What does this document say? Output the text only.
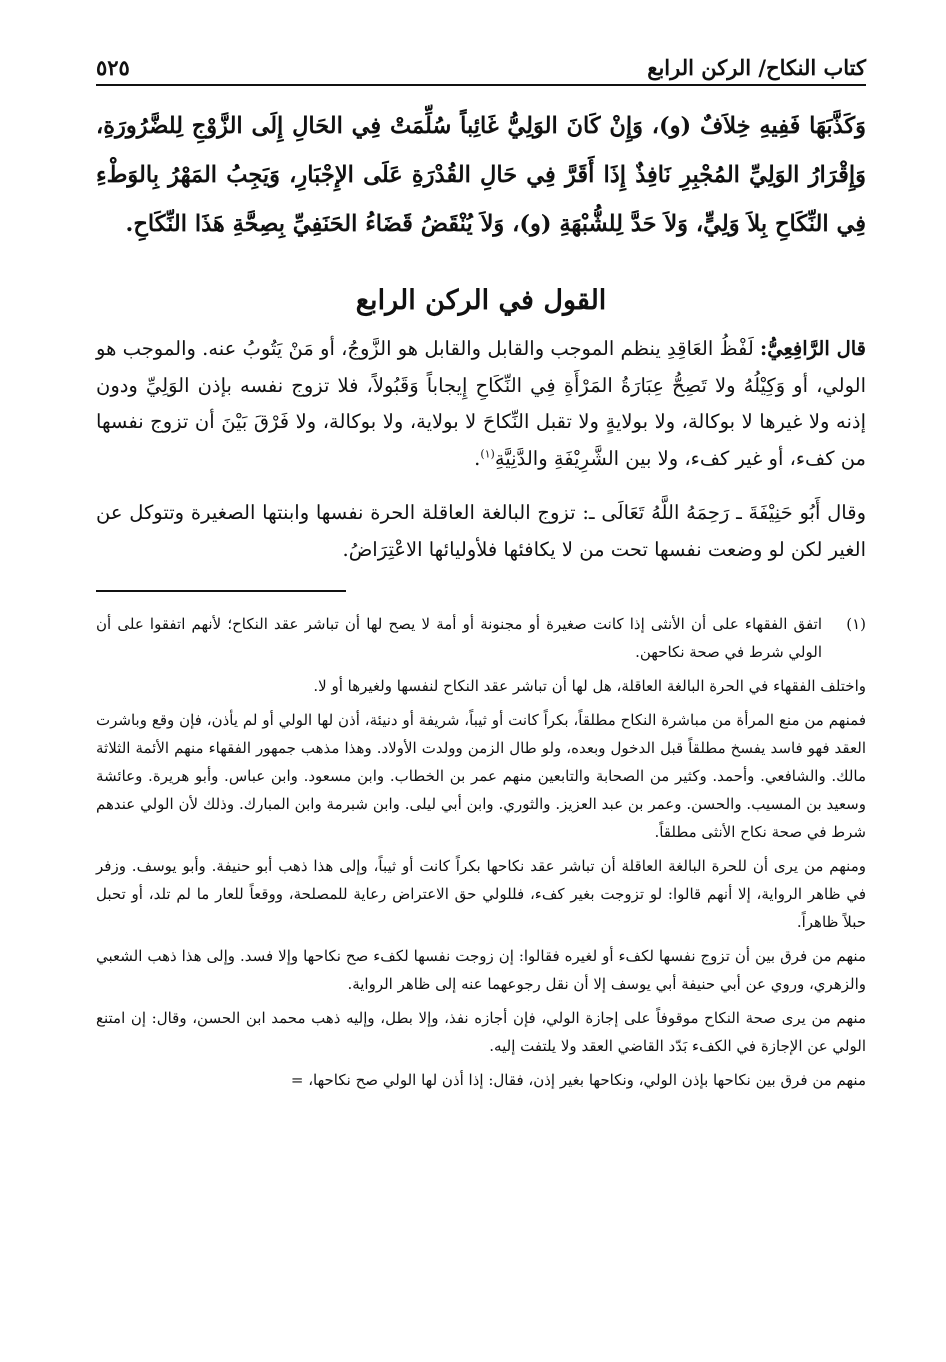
كتاب النكاح/ الركن الرابع
٥٢٥

وَكَذَّبَهَا فَفِيهِ خِلاَفٌ (و)، وَإِنْ كَانَ الوَلِيُّ غَائِباً سُلِّمَتْ فِي الحَالِ إِلَى الزَّوْجِ لِلضَّرُورَةِ، وَإِقْرَارُ الوَلِيِّ المُجْبِرِ نَافِذٌ إِذَا أَقَرَّ فِي حَالِ القُدْرَةِ عَلَى الإِجْبَارِ، وَيَجِبُ المَهْرُ بِالوَطْءِ فِي النِّكَاحِ بِلاَ وَلِيٍّ، وَلاَ حَدَّ لِلشُّبْهَةِ (و)، وَلاَ يُنْقَضُ قَضَاءُ الحَنَفِيِّ بِصِحَّةِ هَذَا النِّكَاحِ.

القول في الركن الرابع

قال الرَّافِعِيُّ: لَفْظُ العَاقِدِ ينظم الموجب والقابل والقابل هو الزَّوجُ، أو مَنْ يَتُوبُ عنه. والموجب هو الولي، أو وَكِيْلُهُ ولا تَصِحُّ عِبَارَةُ المَرْأَةِ فِي النِّكَاحِ إِيجاباً وَقَبُولاً، فلا تزوج نفسه بإذن الوَلِيِّ ودون إذنه ولا غيرها لا بوكالة، ولا بولايةٍ ولا تقبل النِّكاحَ لا بولاية، ولا بوكالة، ولا فَرْقَ بَيْنَ أن تزوج نفسها من كفء، أو غير كفء، ولا بين الشَّرِيْفَةِ والدَّنِيَّةِ$^{(١)}$.

وقال أَبُو حَنِيْفَةَ ـ رَحِمَهُ اللَّهُ تَعَالَى ـ: تزوج البالغة العاقلة الحرة نفسها وابنتها الصغيرة وتتوكل عن الغير لكن لو وضعت نفسها تحت من لا يكافئها فلأوليائها الاعْتِرَاضُ.

(١)
اتفق الفقهاء على أن الأنثى إذا كانت صغيرة أو مجنونة أو أمة لا يصح لها أن تباشر عقد النكاح؛ لأنهم اتفقوا على أن الولي شرط في صحة نكاحهن.

واختلف الفقهاء في الحرة البالغة العاقلة، هل لها أن تباشر عقد النكاح لنفسها ولغيرها أو لا.

فمنهم من منع المرأة من مباشرة النكاح مطلقاً، بكراً كانت أو ثيباً، شريفة أو دنيئة، أذن لها الولي أو لم يأذن، فإن وقع وباشرت العقد فهو فاسد يفسخ مطلقاً قبل الدخول وبعده، ولو طال الزمن وولدت الأولاد. وهذا مذهب جمهور الفقهاء منهم الأئمة الثلاثة مالك. والشافعي. وأحمد. وكثير من الصحابة والتابعين منهم عمر بن الخطاب. وابن مسعود. وابن عباس. وأبو هريرة. وعائشة وسعيد بن المسيب. والحسن. وعمر بن عبد العزيز. والثوري. وابن أبي ليلى. وابن شبرمة وابن المبارك. وذلك لأن الولي عندهم شرط في صحة نكاح الأنثى مطلقاً.

ومنهم من يرى أن للحرة البالغة العاقلة أن تباشر عقد نكاحها بكراً كانت أو ثيباً، وإلى هذا ذهب أبو حنيفة. وأبو يوسف. وزفر في ظاهر الرواية، إلا أنهم قالوا: لو تزوجت بغير كفء، فللولي حق الاعتراض رعاية للمصلحة، ووقعاً للعار ما لم تلد، أو تحبل حبلاً ظاهراً.

منهم من فرق بين أن تزوج نفسها لكفء أو لغيره فقالوا: إن زوجت نفسها لكفء صح نكاحها وإلا فسد. وإلى هذا ذهب الشعبي والزهري، وروي عن أبي حنيفة أبي يوسف إلا أن نقل رجوعهما عنه إلى ظاهر الرواية.

منهم من يرى صحة النكاح موقوفاً على إجازة الولي، فإن أجازه نفذ، وإلا بطل، وإليه ذهب محمد ابن الحسن، وقال: إن امتنع الولي عن الإجازة في الكفء بَدّد القاضي العقد ولا يلتفت إليه.

منهم من فرق بين نكاحها بإذن الولي، ونكاحها بغير إذن، فقال: إذا أذن لها الولي صح نكاحها، =
